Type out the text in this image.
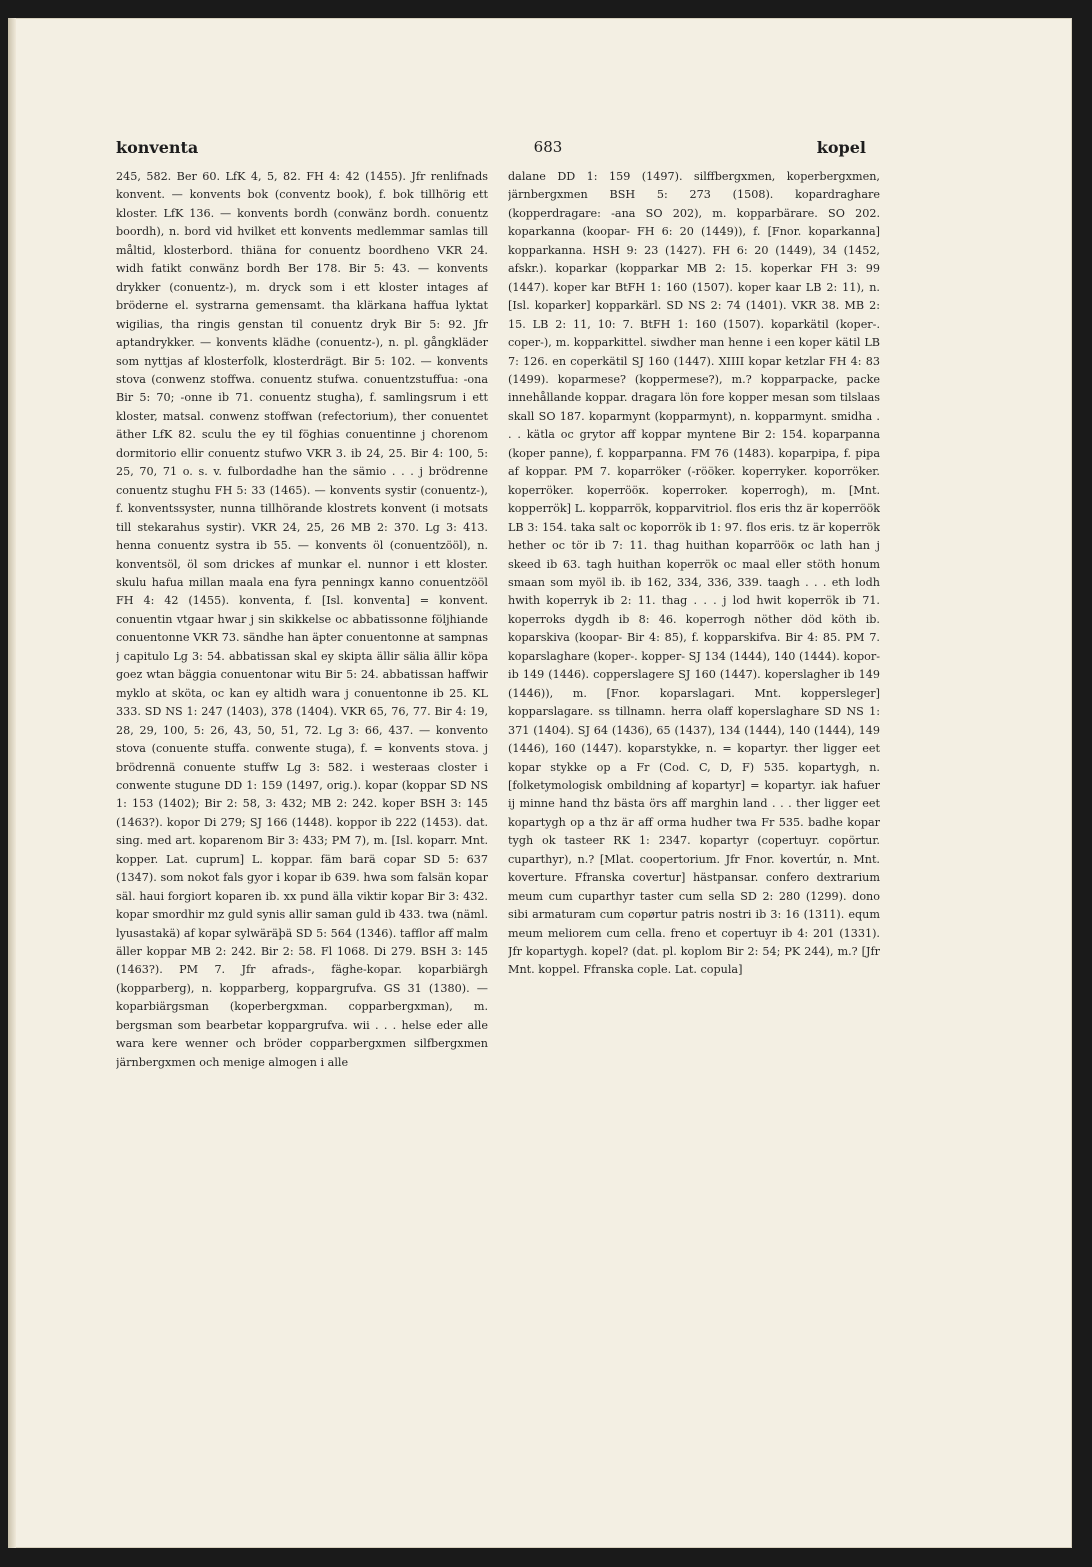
konventa	683	kopel

245, 582. Ber 60. LfK 4, 5, 82. FH 4: 42 (1455). Jfr renlifnads konvent. — konvents bok (conventz book), f. bok tillhörig ett kloster. LfK 136. — konvents bordh (conwänz bordh. conuentz boordh), n. bord vid hvilket ett konvents medlemmar samlas till måltid, klosterbord. thiäna for conuentz boordheno VKR 24. widh fatikt conwänz bordh Ber 178. Bir 5: 43. — konvents drykker (conuentz-), m. dryck som i ett kloster intages af bröderne el. systrarna gemensamt. tha klärkana haffua lyktat wigilias, tha ringis genstan til conuentz dryk Bir 5: 92. Jfr aptandrykker. — konvents klädhe (conuentz-), n. pl. gångkläder som nyttjas af klosterfolk, klosterdrägt. Bir 5: 102. — konvents stova (conwenz stoffwa. conuentz stufwa. conuentzstuffua: -ona Bir 5: 70; -onne ib 71. conuentz stugha), f. samlingsrum i ett kloster, matsal. conwenz stoffwan (refectorium), ther conuentet äther LfK 82. sculu the ey til föghias conuentinne j chorenom dormitorio ellir conuentz stufwo VKR 3. ib 24, 25. Bir 4: 100, 5: 25, 70, 71 o. s. v. fulbordadhe han the sämio . . . j brödrenne conuentz stughu FH 5: 33 (1465). — konvents systir (conuentz-), f. konventssyster, nunna tillhörande klostrets konvent (i motsats till stekarahus systir). VKR 24, 25, 26 MB 2: 370. Lg 3: 413. henna conuentz systra ib 55. — konvents öl (conuentzööl), n. konventsöl, öl som drickes af munkar el. nunnor i ett kloster. skulu hafua millan maala ena fyra penningx kanno conuentzööl FH 4: 42 (1455). konventa, f. [Isl. konventa] = konvent. conuentin vtgaar hwar j sin skikkelse oc abbatissonne följhiande conuentonne VKR 73. sändhe han äpter conuentonne at sampnas j capitulo Lg 3: 54. abbatissan skal ey skipta ällir sälia ällir köpa goez wtan bäggia conuentonar witu Bir 5: 24. abbatissan haffwir myklo at sköta, oc kan ey altidh wara j conuentonne ib 25. KL 333. SD NS 1: 247 (1403), 378 (1404). VKR 65, 76, 77. Bir 4: 19, 28, 29, 100, 5: 26, 43, 50, 51, 72. Lg 3: 66, 437. — konvento stova (conuente stuffa. conwente stuga), f. = konvents stova. j brödrennä conuente stuffw Lg 3: 582. i westeraas closter i conwente stugune DD 1: 159 (1497, orig.). kopar (koppar SD NS 1: 153 (1402); Bir 2: 58, 3: 432; MB 2: 242. koper BSH 3: 145 (1463?). kopor Di 279; SJ 166 (1448). koppor ib 222 (1453). dat. sing. med art. koparenom Bir 3: 433; PM 7), m. [Isl. koparr. Mnt. kopper. Lat. cuprum] L. koppar. fäm barä copar SD 5: 637 (1347). som nokot fals gyor i kopar ib 639. hwa som falsän kopar säl. haui forgiort koparen ib. xx pund älla viktir kopar Bir 3: 432. kopar smordhir mz guld synis allir saman guld ib 433. twa (näml. lyusastakä) af kopar sylwäräþä SD 5: 564 (1346). tafflor aff malm äller koppar MB 2: 242. Bir 2: 58. Fl 1068. Di 279. BSH 3: 145 (1463?). PM 7. Jfr afrads-, fäghe-kopar. koparbiärgh (kopparberg), n. kopparberg, koppargrufva. GS 31 (1380). — koparbiärgsman (koperbergxman. copparbergxman), m. bergsman som bearbetar koppargrufva. wii . . . helse eder alle wara kere wenner och bröder copparbergxmen silfbergxmen järnbergxmen och menige almogen i alle

dalane DD 1: 159 (1497). silffbergxmen, koperbergxmen, järnbergxmen BSH 5: 273 (1508). kopardraghare (kopperdragare: -ana SO 202), m. kopparbärare. SO 202. koparkanna (koopar- FH 6: 20 (1449)), f. [Fnor. koparkanna] kopparkanna. HSH 9: 23 (1427). FH 6: 20 (1449), 34 (1452, afskr.). koparkar (kopparkar MB 2: 15. koperkar FH 3: 99 (1447). koper kar BtFH 1: 160 (1507). koper kaar LB 2: 11), n. [Isl. koparker] kopparkärl. SD NS 2: 74 (1401). VKR 38. MB 2: 15. LB 2: 11, 10: 7. BtFH 1: 160 (1507). koparkätil (koper-. coper-), m. kopparkittel. siwdher man henne i een koper kätil LB 7: 126. en coperkätil SJ 160 (1447). XIIII kopar ketzlar FH 4: 83 (1499). koparmese? (koppermese?), m.? kopparpacke, packe innehållande koppar. dragara lön fore kopper mesan som tilslaas skall SO 187. koparmynt (kopparmynt), n. kopparmynt. smidha . . . kätla oc grytor aff koppar myntene Bir 2: 154. koparpanna (koper panne), f. kopparpanna. FM 76 (1483). koparpipa, f. pipa af koppar. PM 7. koparröker (-rööker. koperryker. koporröker. koperröker. koperrööк. koperroker. koperrogh), m. [Mnt. kopperrök] L. kopparrök, kopparvitriol. flos eris thz är koperröök LB 3: 154. taka salt oc koporrök ib 1: 97. flos eris. tz är koperrök hether oc tör ib 7: 11. thag huithan koparrööк oc lath han j skeed ib 63. tagh huithan koperrök oc maal eller stöth honum smaan som myöl ib. ib 162, 334, 336, 339. taagh . . . eth lodh hwith koperryk ib 2: 11. thag . . . j lod hwit koperrök ib 71. koperroks dygdh ib 8: 46. koperrogh nöther död köth ib. koparskiva (koopar- Bir 4: 85), f. kopparskifva. Bir 4: 85. PM 7. koparslaghare (koper-. kopper- SJ 134 (1444), 140 (1444). kopor- ib 149 (1446). copperslagere SJ 160 (1447). koperslagher ib 149 (1446)), m. [Fnor. koparslagari. Mnt. koppersleger] kopparslagare. ss tillnamn. herra olaff koperslaghare SD NS 1: 371 (1404). SJ 64 (1436), 65 (1437), 134 (1444), 140 (1444), 149 (1446), 160 (1447). koparstykke, n. = kopartyr. ther ligger eet kopar stykke op a Fr (Cod. C, D, F) 535. kopartygh, n. [folketymologisk ombildning af kopartyr] = kopartyr. iak hafuer ij minne hand thz bästa örs aff marghin land . . . ther ligger eet kopartygh op a thz är aff orma hudher twa Fr 535. badhe kopar tygh ok tasteer RK 1: 2347. kopartyr (copertuyr. copörtur. cuparthyr), n.? [Mlat. coopertorium. Jfr Fnor. kovertúr, n. Mnt. koverture. Ffranska covertur] hästpansar. confero dextrarium meum cum cuparthyr taster cum sella SD 2: 280 (1299). dono sibi armaturam cum copørtur patris nostri ib 3: 16 (1311). equm meum meliorem cum cella. freno et copertuyr ib 4: 201 (1331). Jfr kopartygh. kopel? (dat. pl. koplom Bir 2: 54; PK 244), m.? [Jfr Mnt. koppel. Ffranska cople. Lat. copula]
